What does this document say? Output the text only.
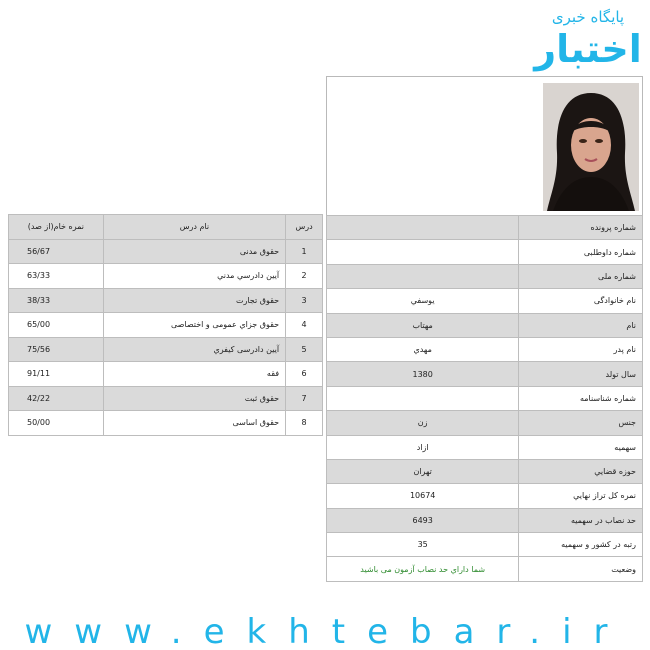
پایگاه خبری
اختبار
	شماره پرونده
	شماره داوطلبی
	شماره ملی
يوسفي	نام خانوادگی
مهتاب	نام
مهدي	نام پدر
1380	سال تولد
	شماره شناسنامه
زن	جنس
ازاد	سهميه
تهران	حوزه قضايي
10674	نمره كل تراز نهايي
6493	حد نصاب در سهميه
35	رتبه در کشور و سهمیه
شما داراي حد نصاب آزمون مى باشيد	وضعيت
نمره خام(از صد)	نام درس	درس
56/67	حقوق مدنی	1
63/33	آيين دادرسي مدني	2
38/33	حقوق تجارت	3
65/00	حقوق جزاي عمومی و اختصاصی	4
75/56	آيين دادرسی كيفري	5
91/11	فقه	6
42/22	حقوق ثبت	7
50/00	حقوق اساسی	8
www.ekhtebar.ir
